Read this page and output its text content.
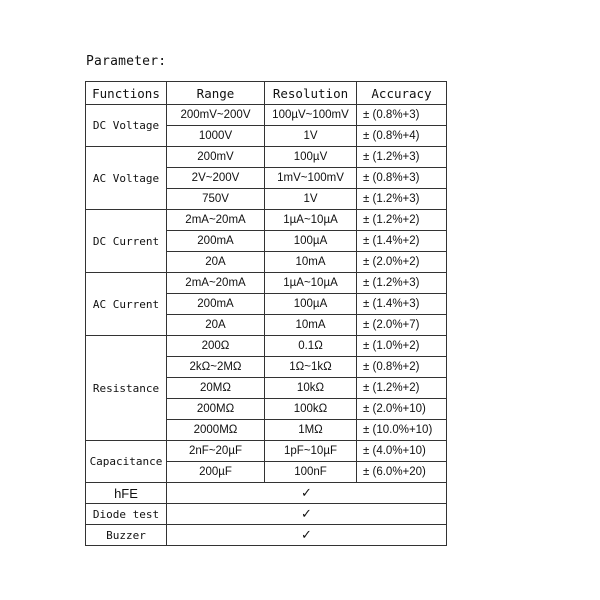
Parameter:
Functions	Range	Resolution	Accuracy
DC Voltage	200mV~200V	100µV~100mV	± (0.8%+3)
	1000V	1V	± (0.8%+4)
AC Voltage	200mV	100µV	± (1.2%+3)
	2V~200V	1mV~100mV	± (0.8%+3)
	750V	1V	± (1.2%+3)
DC Current	2mA~20mA	1µA~10µA	± (1.2%+2)
	200mA	100µA	± (1.4%+2)
	20A	10mA	± (2.0%+2)
AC Current	2mA~20mA	1µA~10µA	± (1.2%+3)
	200mA	100µA	± (1.4%+3)
	20A	10mA	± (2.0%+7)
Resistance	200Ω	0.1Ω	± (1.0%+2)
	2kΩ~2MΩ	1Ω~1kΩ	± (0.8%+2)
	20MΩ	10kΩ	± (1.2%+2)
	200MΩ	100kΩ	± (2.0%+10)
	2000MΩ	1MΩ	± (10.0%+10)
Capacitance	2nF~20µF	1pF~10µF	± (4.0%+10)
	200µF	100nF	± (6.0%+20)
hFE	✓		
Diode test	✓		
Buzzer	✓		
